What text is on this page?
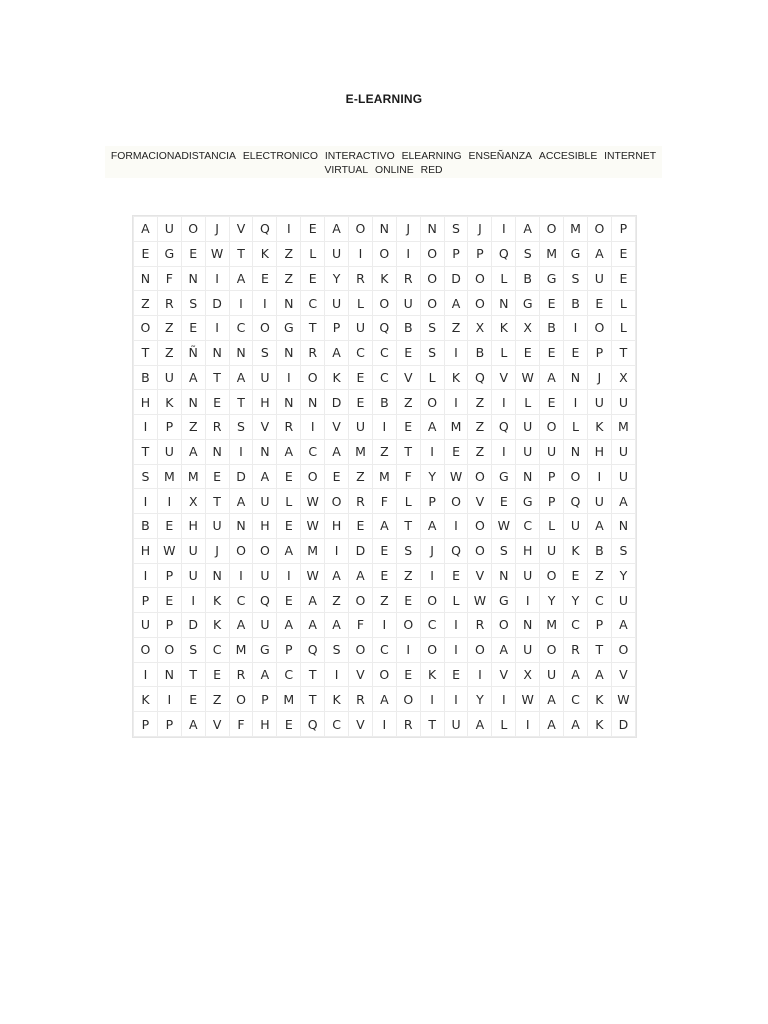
E-LEARNING
FORMACIONADISTANCIA ELECTRONICO INTERACTIVO ELEARNING ENSEÑANZA ACCESIBLE INTERNET VIRTUAL ONLINE RED
A	U	O	J	V	Q	I	E	A	O	N	J	N	S	J	I	A	O	M	O	P
E	G	E	W	T	K	Z	L	U	I	O	I	O	P	P	Q	S	M	G	A	E
N	F	N	I	A	E	Z	E	Y	R	K	R	O	D	O	L	B	G	S	U	E
Z	R	S	D	I	I	N	C	U	L	O	U	O	A	O	N	G	E	B	E	L
O	Z	E	I	C	O	G	T	P	U	Q	B	S	Z	X	K	X	B	I	O	L
T	Z	Ñ	N	N	S	N	R	A	C	C	E	S	I	B	L	E	E	E	P	T
B	U	A	T	A	U	I	O	K	E	C	V	L	K	Q	V	W	A	N	J	X
H	K	N	E	T	H	N	N	D	E	B	Z	O	I	Z	I	L	E	I	U	U
I	P	Z	R	S	V	R	I	V	U	I	E	A	M	Z	Q	U	O	L	K	M
T	U	A	N	I	N	A	C	A	M	Z	T	I	E	Z	I	U	U	N	H	U
S	M	M	E	D	A	E	O	E	Z	M	F	Y	W	O	G	N	P	O	I	U
I	I	X	T	A	U	L	W	O	R	F	L	P	O	V	E	G	P	Q	U	A
B	E	H	U	N	H	E	W	H	E	A	T	A	I	O	W	C	L	U	A	N
H	W	U	J	O	O	A	M	I	D	E	S	J	Q	O	S	H	U	K	B	S
I	P	U	N	I	U	I	W	A	A	E	Z	I	E	V	N	U	O	E	Z	Y
P	E	I	K	C	Q	E	A	Z	O	Z	E	O	L	W	G	I	Y	Y	C	U
U	P	D	K	A	U	A	A	A	F	I	O	C	I	R	O	N	M	C	P	A
O	O	S	C	M	G	P	Q	S	O	C	I	O	I	O	A	U	O	R	T	O
I	N	T	E	R	A	C	T	I	V	O	E	K	E	I	V	X	U	A	A	V
K	I	E	Z	O	P	M	T	K	R	A	O	I	I	Y	I	W	A	C	K	W
P	P	A	V	F	H	E	Q	C	V	I	R	T	U	A	L	I	A	A	K	D
